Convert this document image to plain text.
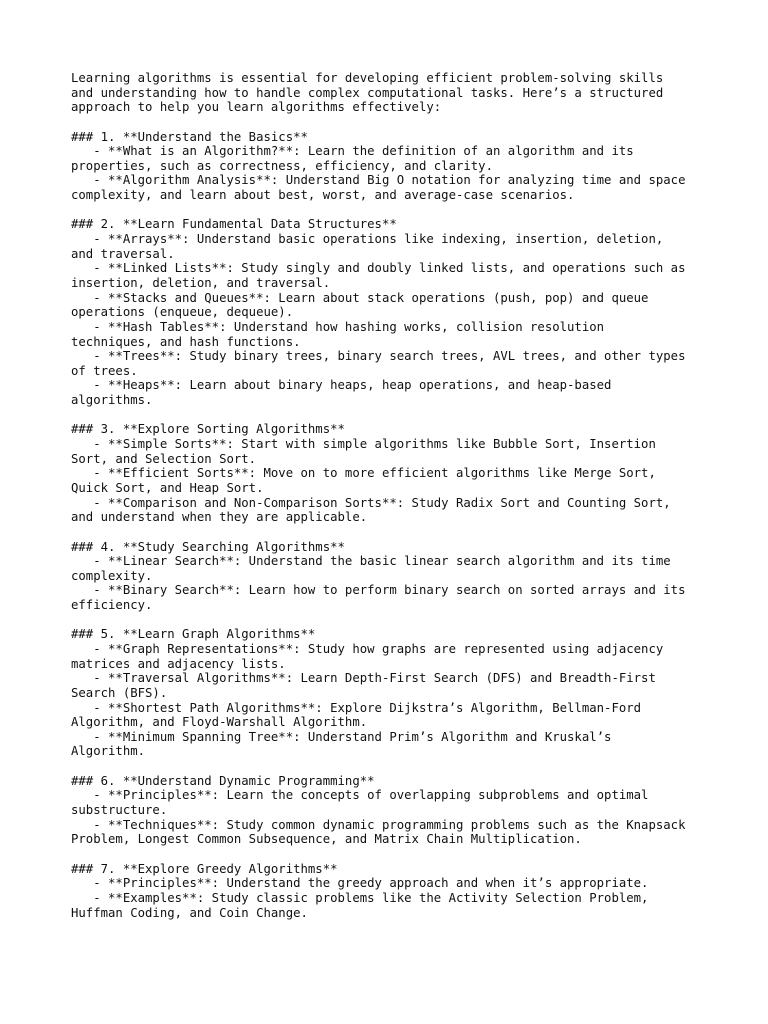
Learning algorithms is essential for developing efficient problem-solving skills
and understanding how to handle complex computational tasks. Here’s a structured
approach to help you learn algorithms effectively:
### 1. **Understand the Basics**
- **What is an Algorithm?**: Learn the definition of an algorithm and its
properties, such as correctness, efficiency, and clarity.
- **Algorithm Analysis**: Understand Big O notation for analyzing time and space
complexity, and learn about best, worst, and average-case scenarios.
### 2. **Learn Fundamental Data Structures**
- **Arrays**: Understand basic operations like indexing, insertion, deletion,
and traversal.
- **Linked Lists**: Study singly and doubly linked lists, and operations such as
insertion, deletion, and traversal.
- **Stacks and Queues**: Learn about stack operations (push, pop) and queue
operations (enqueue, dequeue).
- **Hash Tables**: Understand how hashing works, collision resolution
techniques, and hash functions.
- **Trees**: Study binary trees, binary search trees, AVL trees, and other types
of trees.
- **Heaps**: Learn about binary heaps, heap operations, and heap-based
algorithms.
### 3. **Explore Sorting Algorithms**
- **Simple Sorts**: Start with simple algorithms like Bubble Sort, Insertion
Sort, and Selection Sort.
- **Efficient Sorts**: Move on to more efficient algorithms like Merge Sort,
Quick Sort, and Heap Sort.
- **Comparison and Non-Comparison Sorts**: Study Radix Sort and Counting Sort,
and understand when they are applicable.
### 4. **Study Searching Algorithms**
- **Linear Search**: Understand the basic linear search algorithm and its time
complexity.
- **Binary Search**: Learn how to perform binary search on sorted arrays and its
efficiency.
### 5. **Learn Graph Algorithms**
- **Graph Representations**: Study how graphs are represented using adjacency
matrices and adjacency lists.
- **Traversal Algorithms**: Learn Depth-First Search (DFS) and Breadth-First
Search (BFS).
- **Shortest Path Algorithms**: Explore Dijkstra’s Algorithm, Bellman-Ford
Algorithm, and Floyd-Warshall Algorithm.
- **Minimum Spanning Tree**: Understand Prim’s Algorithm and Kruskal’s
Algorithm.
### 6. **Understand Dynamic Programming**
- **Principles**: Learn the concepts of overlapping subproblems and optimal
substructure.
- **Techniques**: Study common dynamic programming problems such as the Knapsack
Problem, Longest Common Subsequence, and Matrix Chain Multiplication.
### 7. **Explore Greedy Algorithms**
- **Principles**: Understand the greedy approach and when it’s appropriate.
- **Examples**: Study classic problems like the Activity Selection Problem,
Huffman Coding, and Coin Change.
